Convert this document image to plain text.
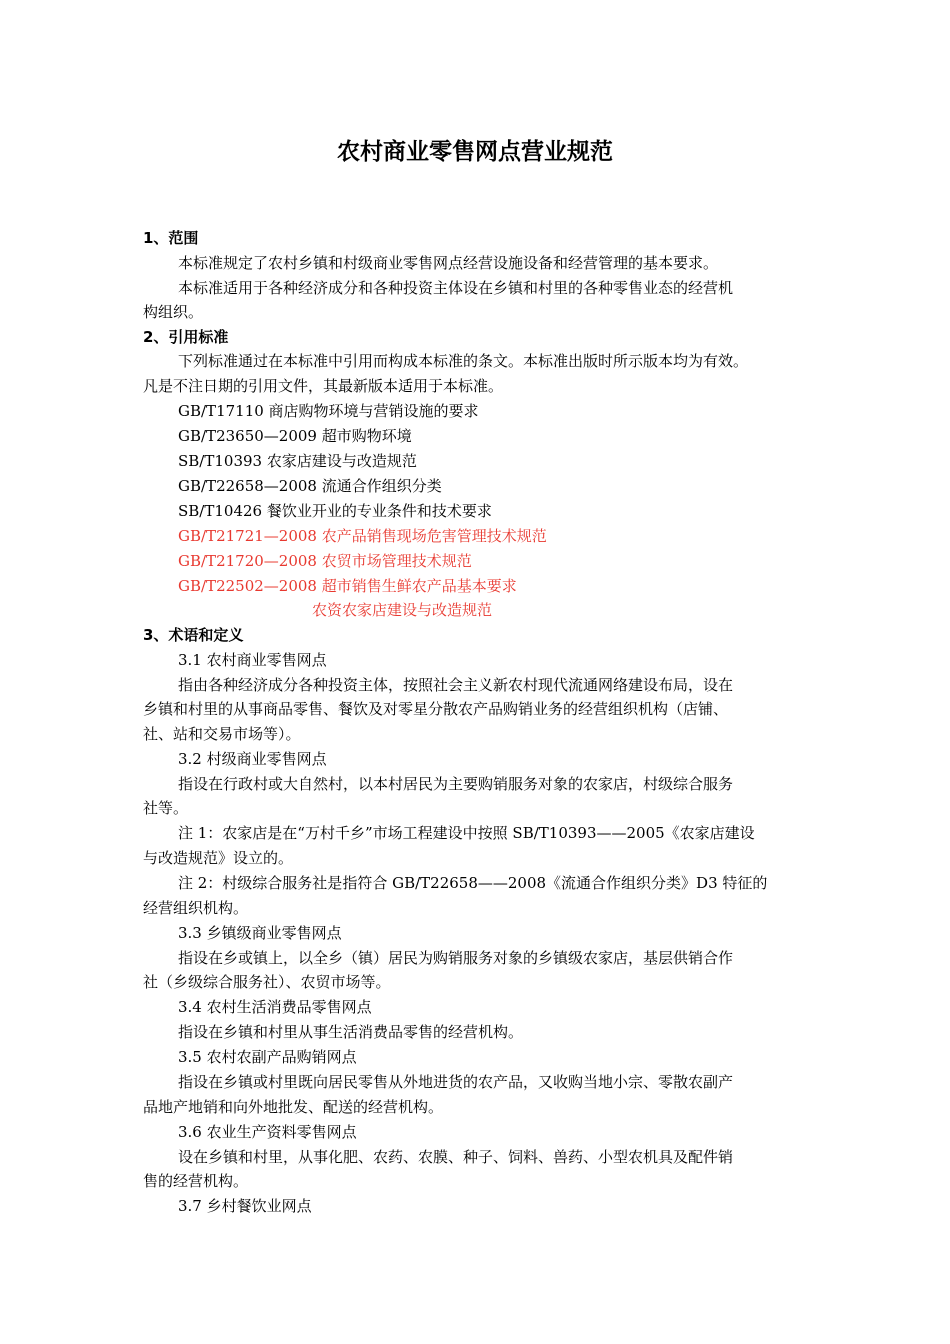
农村商业零售网点营业规范
1、范围
本标准规定了农村乡镇和村级商业零售网点经营设施设备和经营管理的基本要求。
本标准适用于各种经济成分和各种投资主体设在乡镇和村里的各种零售业态的经营机
构组织。
2、引用标准
下列标准通过在本标准中引用而构成本标准的条文。本标准出版时所示版本均为有效。
凡是不注日期的引用文件，其最新版本适用于本标准。
GB/T17110 商店购物环境与营销设施的要求
GB/T23650—2009 超市购物环境
SB/T10393 农家店建设与改造规范
GB/T22658—2008 流通合作组织分类
SB/T10426 餐饮业开业的专业条件和技术要求
GB/T21721—2008 农产品销售现场危害管理技术规范
GB/T21720—2008 农贸市场管理技术规范
GB/T22502—2008 超市销售生鲜农产品基本要求
农资农家店建设与改造规范
3、术语和定义
3.1 农村商业零售网点
指由各种经济成分各种投资主体，按照社会主义新农村现代流通网络建设布局，设在
乡镇和村里的从事商品零售、餐饮及对零星分散农产品购销业务的经营组织机构（店铺、
社、站和交易市场等）。
3.2 村级商业零售网点
指设在行政村或大自然村，以本村居民为主要购销服务对象的农家店，村级综合服务
社等。
注 1：农家店是在“万村千乡”市场工程建设中按照 SB/T10393——2005《农家店建设
与改造规范》设立的。
注 2：村级综合服务社是指符合 GB/T22658——2008《流通合作组织分类》D3 特征的
经营组织机构。
3.3 乡镇级商业零售网点
指设在乡或镇上，以全乡（镇）居民为购销服务对象的乡镇级农家店，基层供销合作
社（乡级综合服务社）、农贸市场等。
3.4 农村生活消费品零售网点
指设在乡镇和村里从事生活消费品零售的经营机构。
3.5 农村农副产品购销网点
指设在乡镇或村里既向居民零售从外地进货的农产品，又收购当地小宗、零散农副产
品地产地销和向外地批发、配送的经营机构。
3.6 农业生产资料零售网点
设在乡镇和村里，从事化肥、农药、农膜、种子、饲料、兽药、小型农机具及配件销
售的经营机构。
3.7 乡村餐饮业网点
